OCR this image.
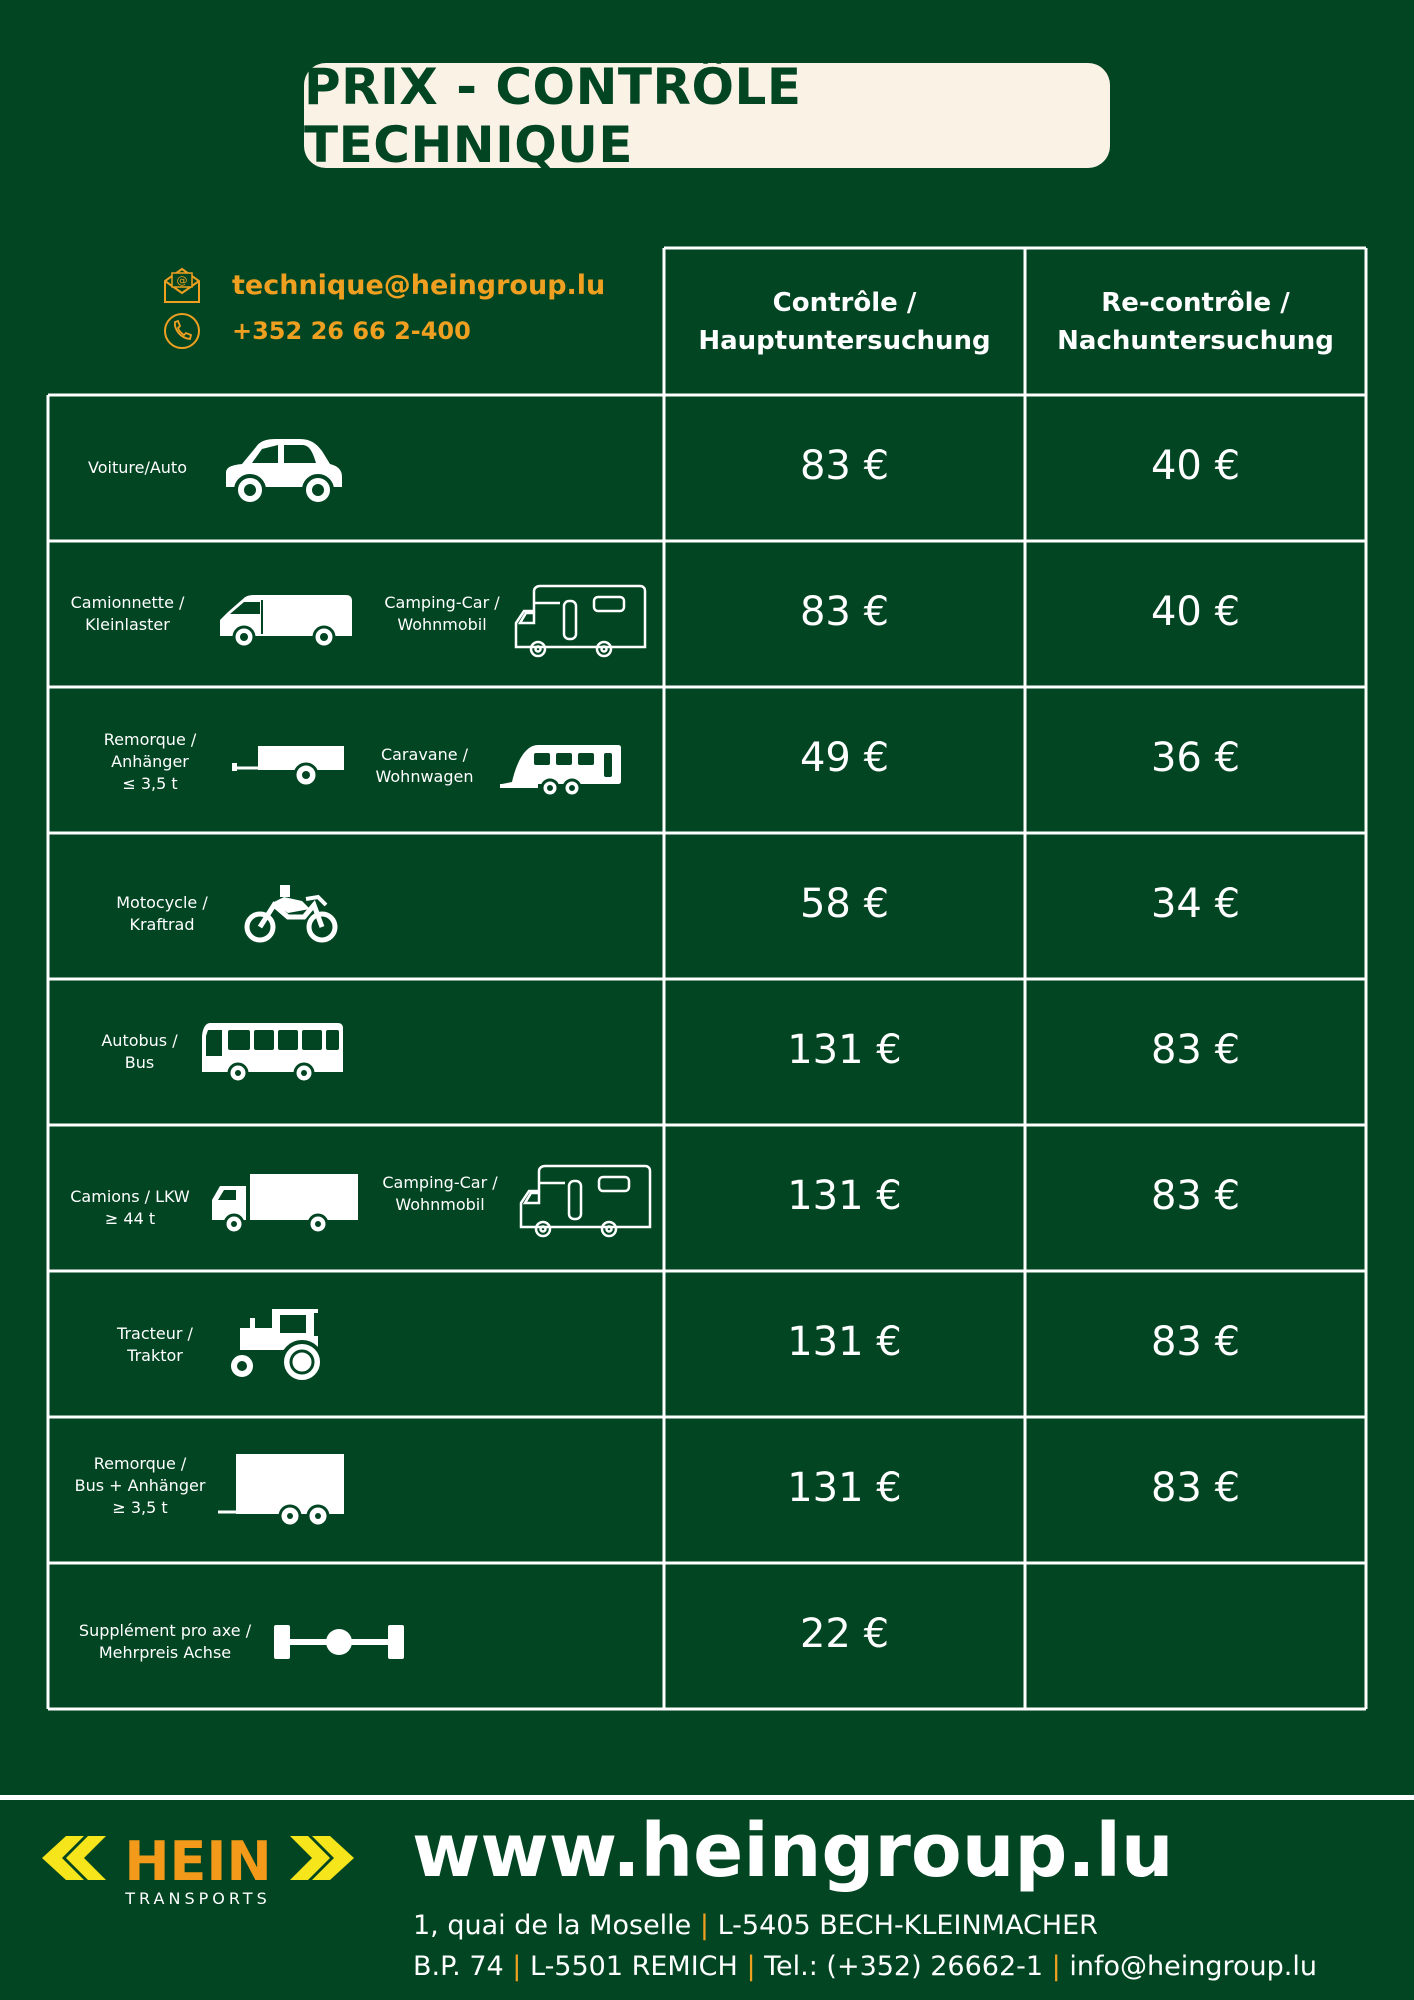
PRIX - CONTRÔLE TECHNIQUE
@ technique@heingroup.lu
+352 26 66 2-400
Contrôle /
Hauptuntersuchung
Re-contrôle /
Nachuntersuchung
Voiture/Auto	83 €	40 €
Camionnette /
Kleinlaster
Camping-Car /
Wohnmobil	83 €	40 €
Remorque /
Anhänger
≤ 3,5 t
Caravane /
Wohnwagen	49 €	36 €
Motocycle /
Kraftrad	58 €	34 €
Autobus /
Bus	131 €	83 €
Camions / LKW
≥ 44 t
Camping-Car /
Wohnmobil	131 €	83 €
Tracteur /
Traktor	131 €	83 €
Remorque /
Bus + Anhänger
≥ 3,5 t	131 €	83 €
Supplément pro axe /
Mehrpreis Achse	22 €
HEIN
TRANSPORTS
www.heingroup.lu
1, quai de la Moselle | L-5405 BECH-KLEINMACHER
B.P. 74 | L-5501 REMICH | Tel.: (+352) 26662-1 | info@heingroup.lu
